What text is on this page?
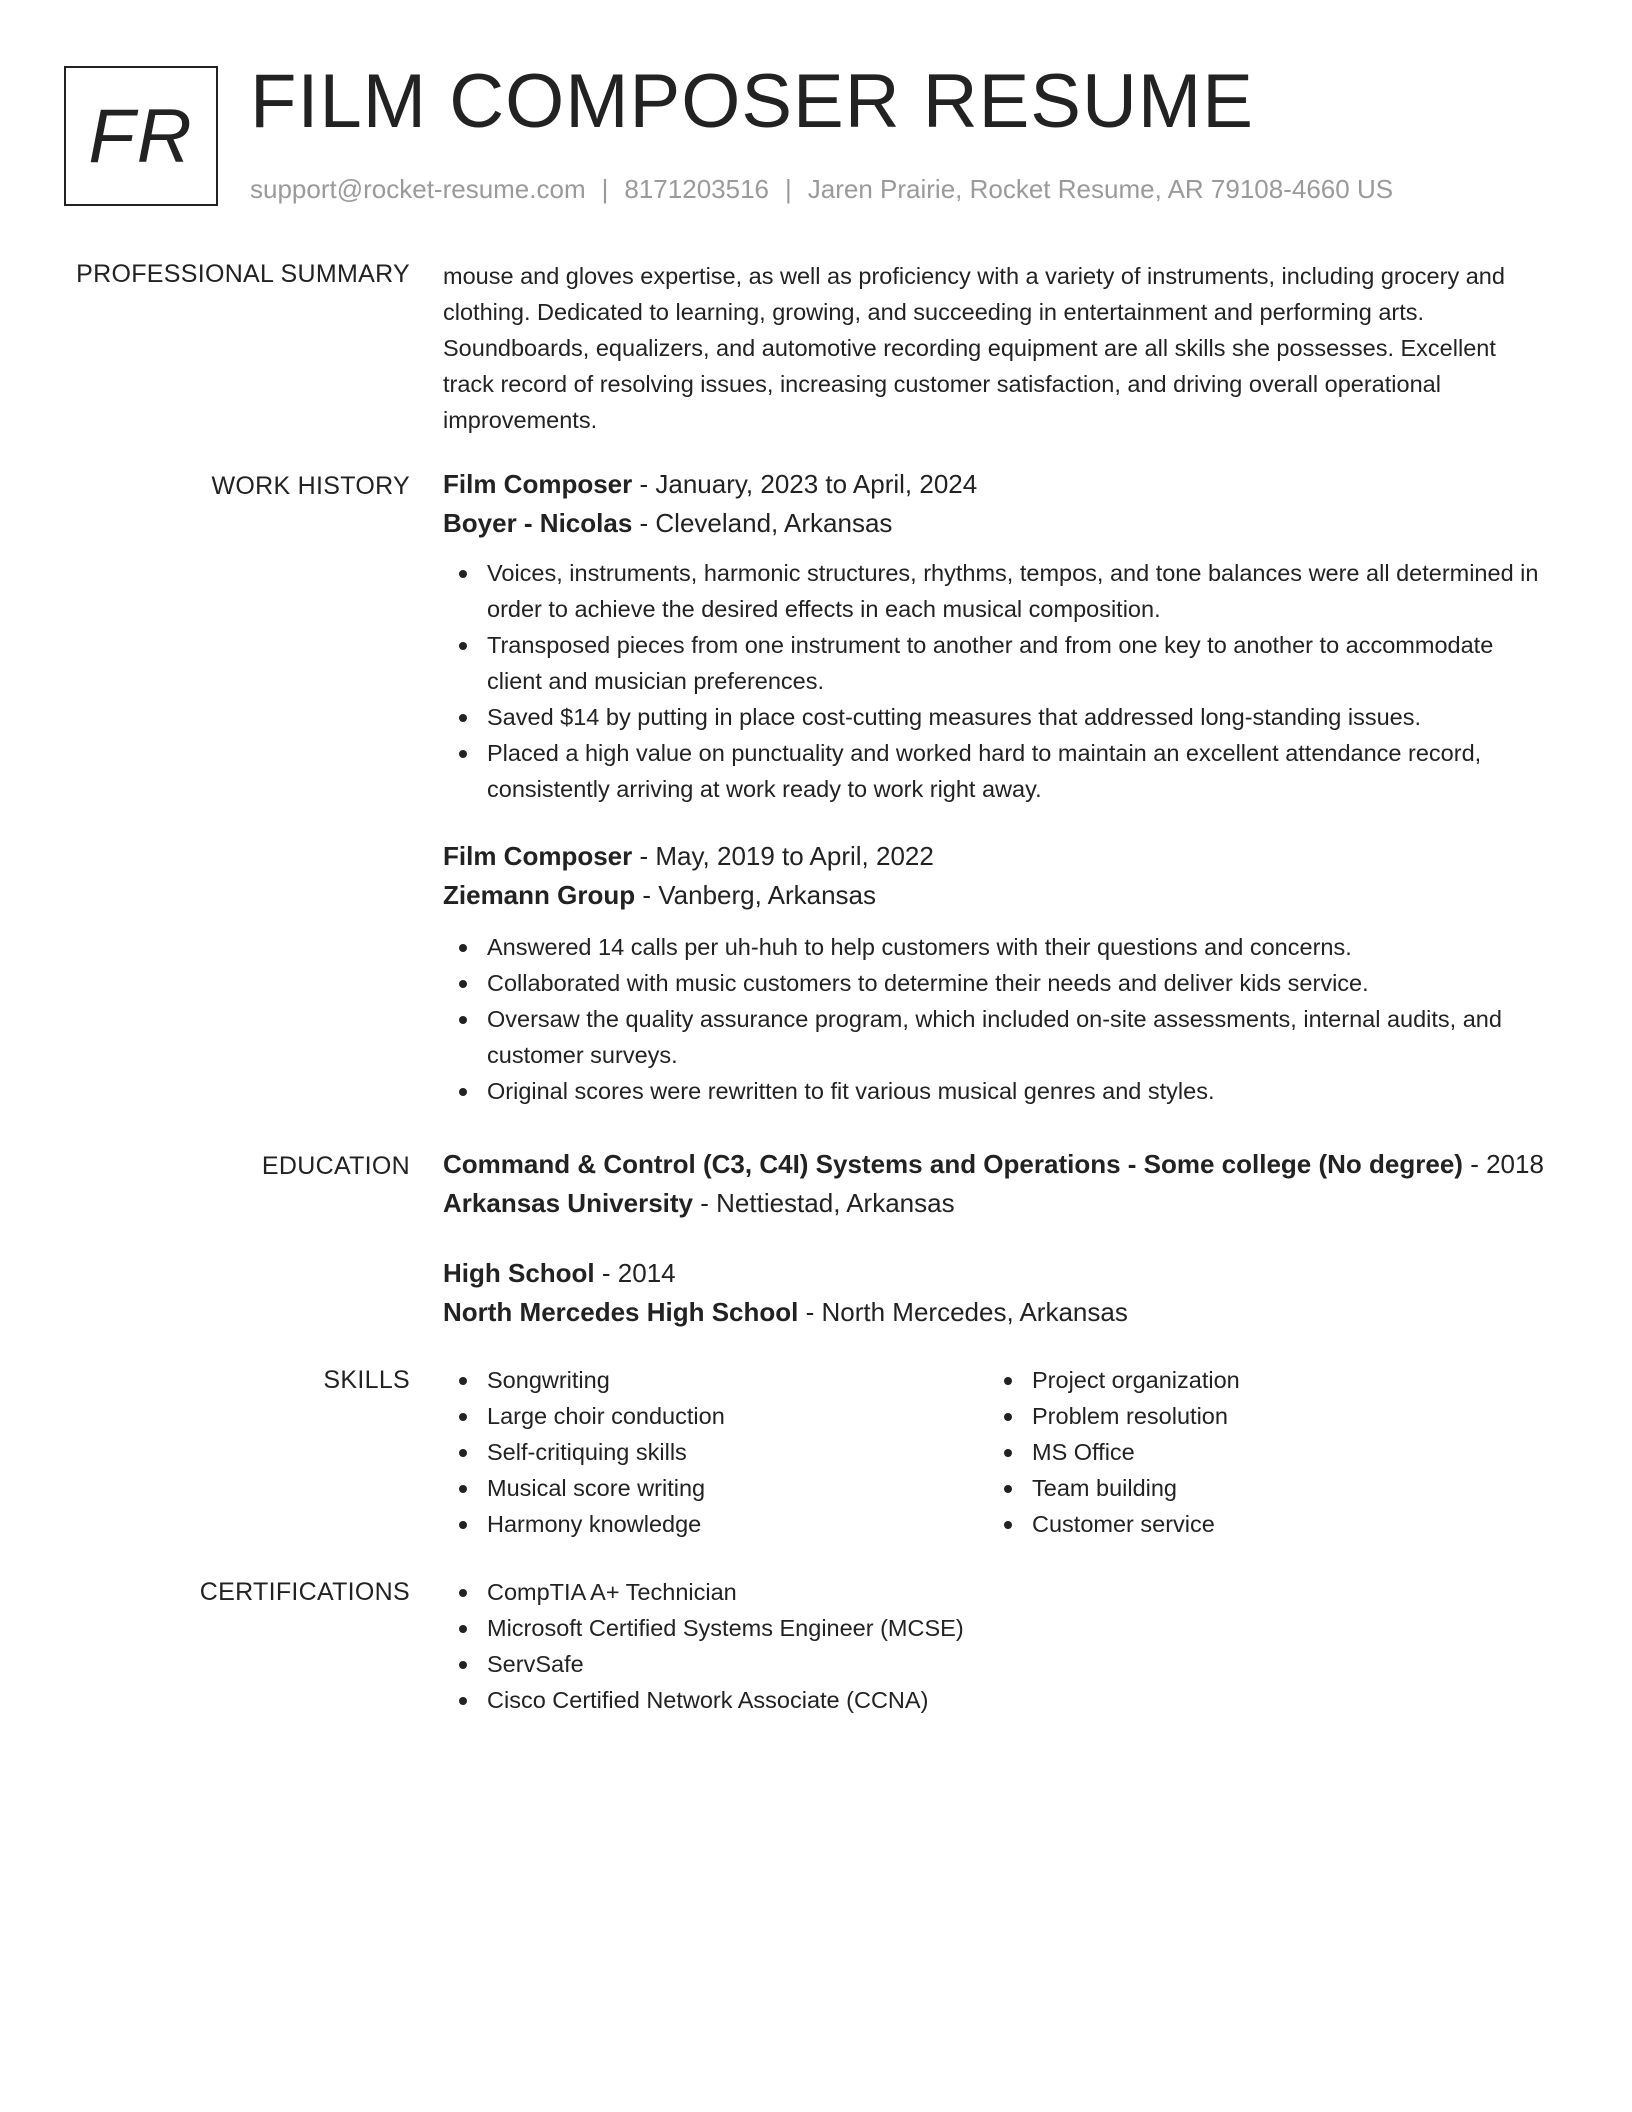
FR FILM COMPOSER RESUME
support@rocket-resume.com | 8171203516 | Jaren Prairie, Rocket Resume, AR 79108-4660 US
PROFESSIONAL SUMMARY mouse and gloves expertise, as well as proficiency with a variety of instruments, including grocery and clothing. Dedicated to learning, growing, and succeeding in entertainment and performing arts. Soundboards, equalizers, and automotive recording equipment are all skills she possesses. Excellent track record of resolving issues, increasing customer satisfaction, and driving overall operational improvements.

WORK HISTORY Film Composer - January, 2023 to April, 2024
Boyer - Nicolas - Cleveland, Arkansas
Voices, instruments, harmonic structures, rhythms, tempos, and tone balances were all determined in order to achieve the desired effects in each musical composition.
Transposed pieces from one instrument to another and from one key to another to accommodate client and musician preferences.
Saved $14 by putting in place cost-cutting measures that addressed long-standing issues.
Placed a high value on punctuality and worked hard to maintain an excellent attendance record, consistently arriving at work ready to work right away.
Film Composer - May, 2019 to April, 2022
Ziemann Group - Vanberg, Arkansas
Answered 14 calls per uh-huh to help customers with their questions and concerns.
Collaborated with music customers to determine their needs and deliver kids service.
Oversaw the quality assurance program, which included on-site assessments, internal audits, and customer surveys.
Original scores were rewritten to fit various musical genres and styles.
EDUCATION Command & Control (C3, C4I) Systems and Operations - Some college (No degree) - 2018
Arkansas University - Nettiestad, Arkansas
High School - 2014
North Mercedes High School - North Mercedes, Arkansas
SKILLS	Songwriting
Large choir conduction
Self-critiquing skills
Musical score writing
Harmony knowledge
Project organization
Problem resolution
MS Office
Team building
Customer service
CERTIFICATIONS	CompTIA A+ Technician
Microsoft Certified Systems Engineer (MCSE)
ServSafe
Cisco Certified Network Associate (CCNA)
